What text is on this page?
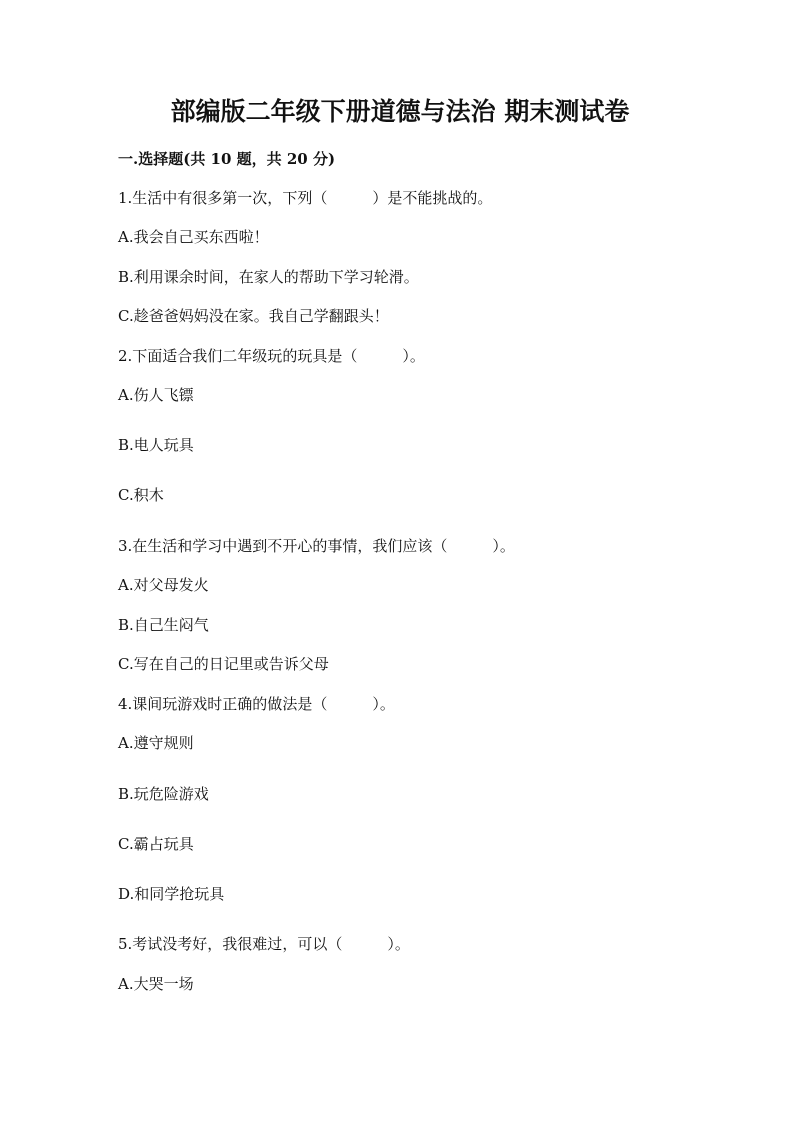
部编版二年级下册道德与法治 期末测试卷
一.选择题(共 10 题，共 20 分)
1.生活中有很多第一次，下列（　　　）是不能挑战的。
A.我会自己买东西啦！
B.利用课余时间，在家人的帮助下学习轮滑。
C.趁爸爸妈妈没在家。我自己学翻跟头！
2.下面适合我们二年级玩的玩具是（　　　）。
A.伤人飞镖
B.电人玩具
C.积木
3.在生活和学习中遇到不开心的事情，我们应该（　　　）。
A.对父母发火
B.自己生闷气
C.写在自己的日记里或告诉父母
4.课间玩游戏时正确的做法是（　　　）。
A.遵守规则
B.玩危险游戏
C.霸占玩具
D.和同学抢玩具
5.考试没考好，我很难过，可以（　　　）。
A.大哭一场
